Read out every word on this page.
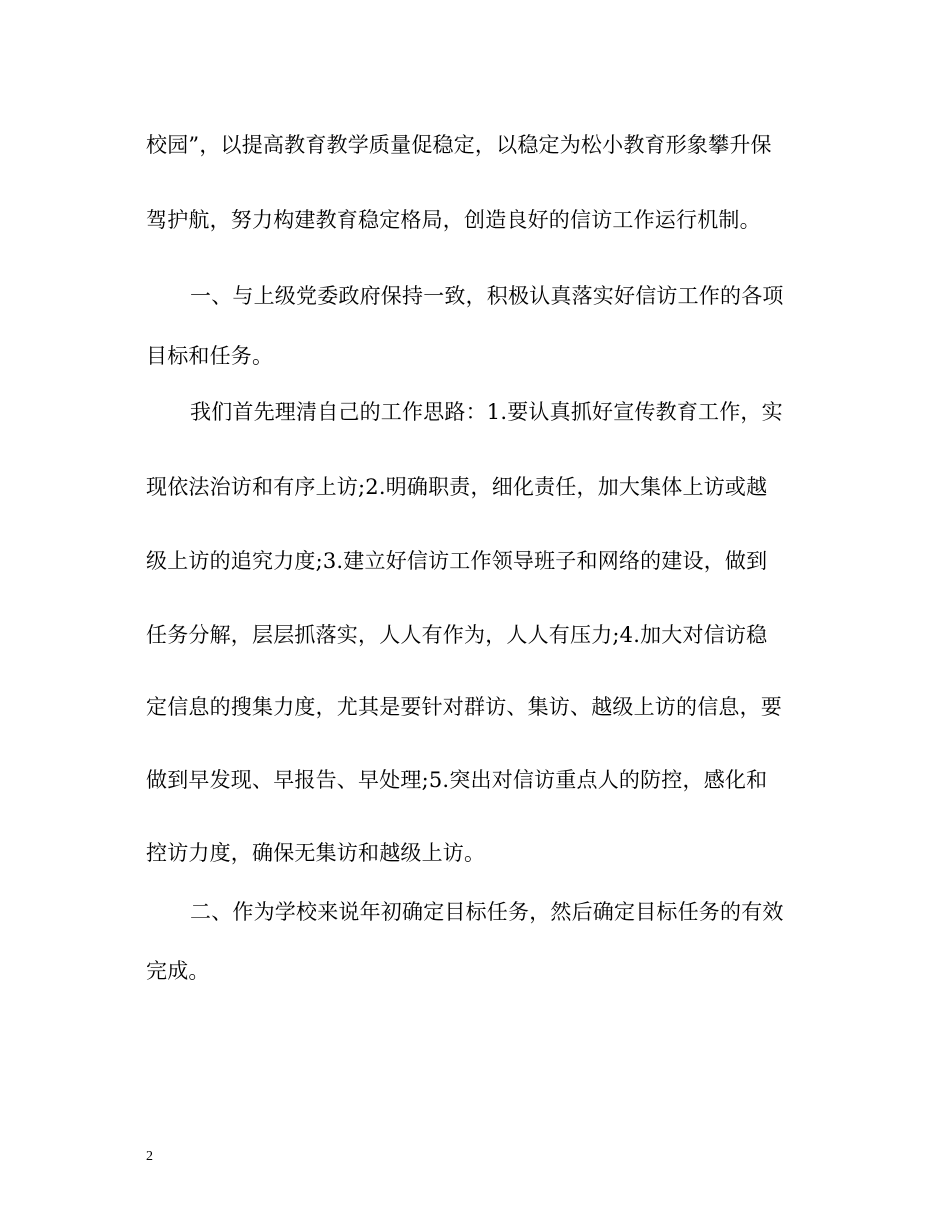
校园”，以提高教育教学质量促稳定，以稳定为松小教育形象攀升保
驾护航，努力构建教育稳定格局，创造良好的信访工作运行机制。
一、与上级党委政府保持一致，积极认真落实好信访工作的各项
目标和任务。
我们首先理清自己的工作思路：1.要认真抓好宣传教育工作，实
现依法治访和有序上访;2.明确职责，细化责任，加大集体上访或越
级上访的追究力度;3.建立好信访工作领导班子和网络的建设，做到
任务分解，层层抓落实，人人有作为，人人有压力;4.加大对信访稳
定信息的搜集力度，尤其是要针对群访、集访、越级上访的信息，要
做到早发现、早报告、早处理;5.突出对信访重点人的防控，感化和
控访力度，确保无集访和越级上访。
二、作为学校来说年初确定目标任务，然后确定目标任务的有效
完成。
2
